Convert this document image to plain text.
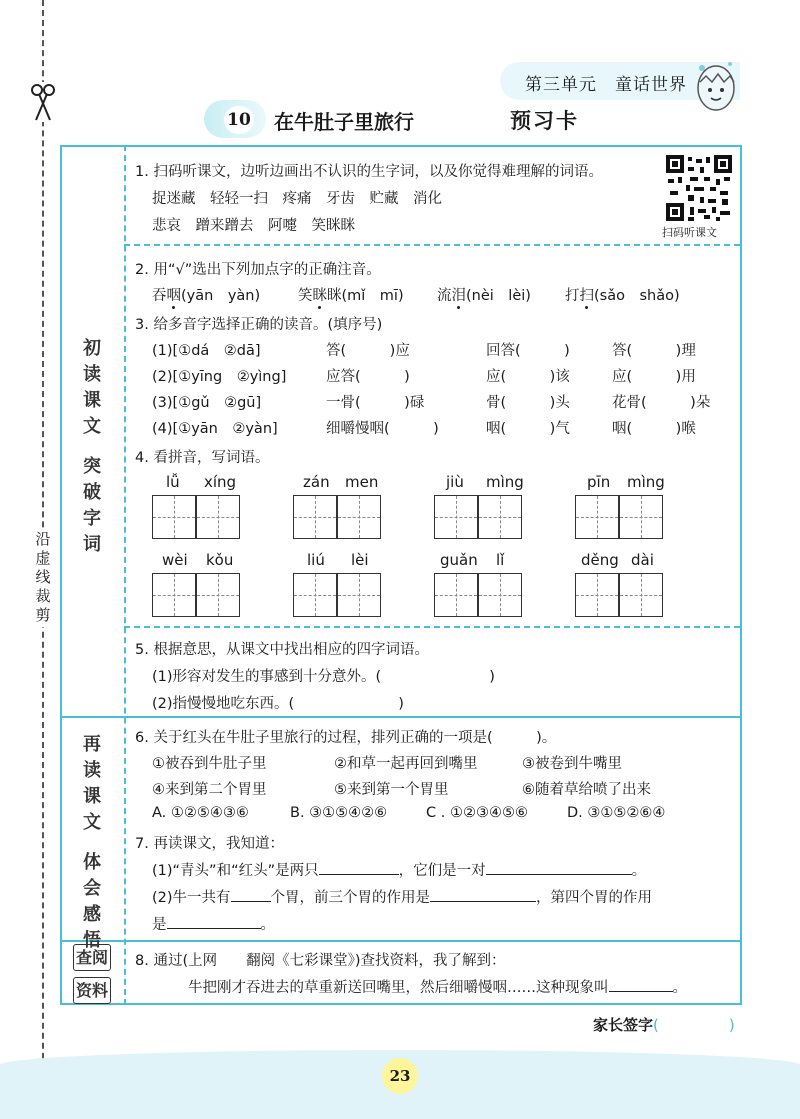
沿虚线裁剪
第三单元 童话世界
10 在牛肚子里旅行	预习卡
初
读
课
文
突
破
字
词
再
读
课
文
体
会
感
悟
查阅
资料
扫码听课文
1. 扫码听课文，边听边画出不认识的生字词，以及你觉得难理解的词语。
捉迷藏　轻轻一扫　疼痛　牙齿　贮藏　消化
悲哀　蹭来蹭去　阿嚏　笑眯眯
2. 用“√”选出下列加点字的正确注音。
吞咽(yān　yàn)	笑眯眯(mǐ　mī) 流泪(nèi　lèi) 打扫(sǎo　shǎo)
3. 给多音字选择正确的读音。(填序号)
(1)[①dá　②dā]	答(　　　)应	回答(　　　)	答(　　　)理
(2)[①yīng　②yìng]	应答(　　　)	应(　　　)该	应(　　　)用
(3)[①gǔ　②gū]	一骨(　　　)碌	骨(　　　)头	花骨(　　　)朵
(4)[①yān　②yàn]	细嚼慢咽(　　　)	咽(　　　)气	咽(　　　)喉
4. 看拼音，写词语。
lǚ xíng	zán men	jiù mìng	pīn mìng
wèi kǒu	liú lèi	guǎn lǐ	děng dài
5. 根据意思，从课文中找出相应的四字词语。
(1)形容对发生的事感到十分意外。(	)
(2)指慢慢地吃东西。(	)
6. 关于红头在牛肚子里旅行的过程，排列正确的一项是(　　　)。
①被吞到牛肚子里	②和草一起再回到嘴里	③被卷到牛嘴里
④来到第二个胃里	⑤来到第一个胃里	⑥随着草给喷了出来
A. ①②⑤④③⑥	B. ③①⑤④②⑥	C . ①②③④⑤⑥	D. ③①⑤②⑥④
7. 再读课文，我知道：
(1)“青头”和“红头”是两只	，它们是一对	。
(2)牛一共有	个胃，前三个胃的作用是	，第四个胃的作用
是	。
8. 通过(上网　　翻阅《七彩课堂》)查找资料，我了解到：
牛把刚才吞进去的草重新送回嘴里，然后细嚼慢咽……这种现象叫	。
家长签字(	)
23
